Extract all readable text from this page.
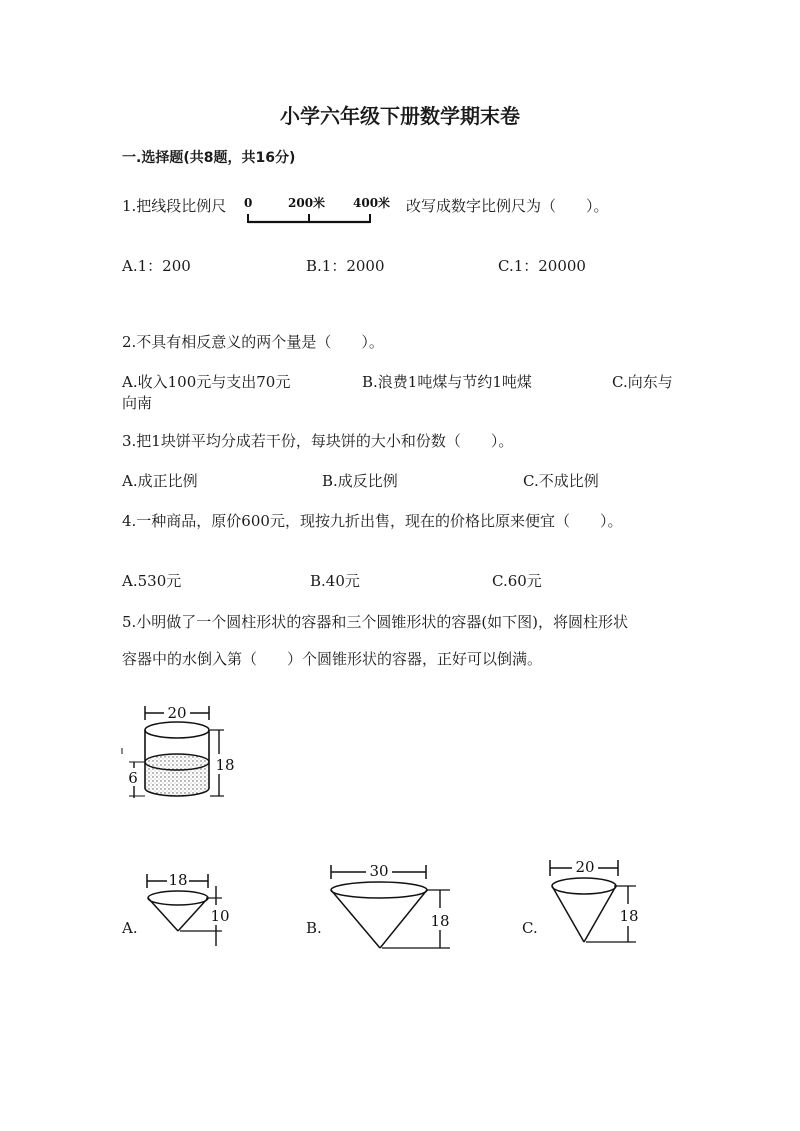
小学六年级下册数学期末卷
一.选择题(共8题，共16分)
1.把线段比例尺 0	200米 400米 改写成数字比例尺为（　　）。
A.1：200	B.1：2000	C.1：20000
2.不具有相反意义的两个量是（　　）。
A.收入100元与支出70元	B.浪费1吨煤与节约1吨煤	C.向东与
向南
3.把1块饼平均分成若干份，每块饼的大小和份数（　　）。
A.成正比例	B.成反比例	C.不成比例
4.一种商品，原价600元，现按九折出售，现在的价格比原来便宜（　　）。
A.530元	B.40元	C.60元
5.小明做了一个圆柱形状的容器和三个圆锥形状的容器(如下图)，将圆柱形状
容器中的水倒入第（　　）个圆锥形状的容器，正好可以倒满。
20
18
6
A.
18
10
B.
30
18	C.
20
18
